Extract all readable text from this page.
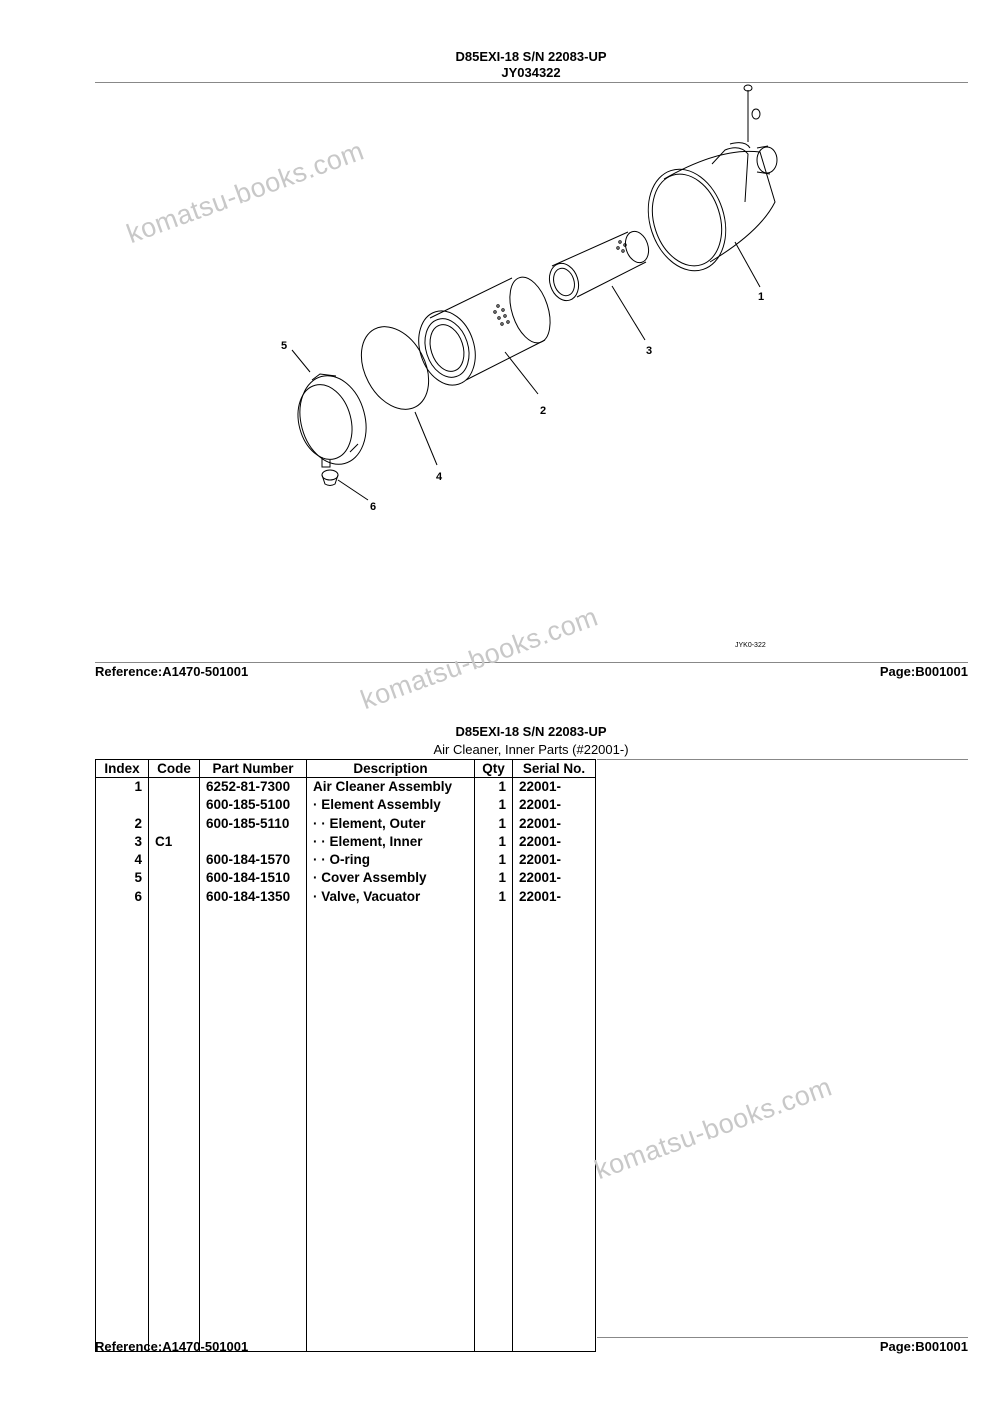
D85EXI-18 S/N 22083-UP
JY034322
1
3
2
4
5
6
JYK0-322
Reference:A1470-501001	Page:B001001
D85EXI-18 S/N 22083-UP
Air Cleaner, Inner Parts (#22001-)
Index	Code	Part Number	Description	Qty	Serial No.
1		6252-81-7300	Air Cleaner Assembly	1	22001-
		600-185-5100	· Element Assembly	1	22001-
2		600-185-5110	· · Element, Outer	1	22001-
3	C1		· · Element, Inner	1	22001-
4		600-184-1570	· · O-ring	1	22001-
5		600-184-1510	· Cover Assembly	1	22001-
6		600-184-1350	· Valve, Vacuator	1	22001-

Reference:A1470-501001	Page:B001001
komatsu-books.com
komatsu-books.com
komatsu-books.com
